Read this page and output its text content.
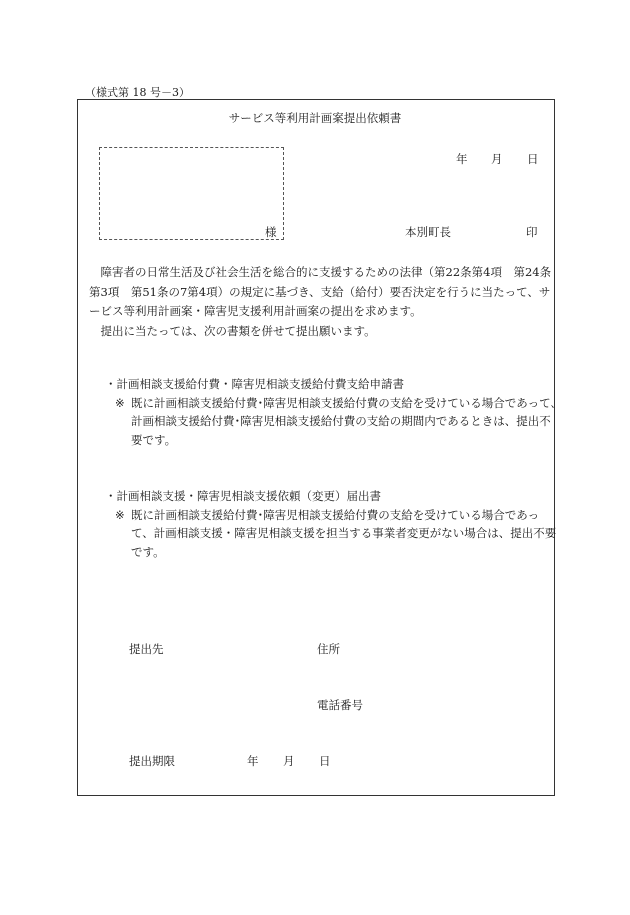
（様式第 18 号－3）
サービス等利用計画案提出依頼書
様
年 月 日
本別町長	印

障害者の日常生活及び社会生活を総合的に支援するための法律（第22条第4項　第24条第3項　第51条の7第4項）の規定に基づき、支給（給付）要否決定を行うに当たって、サービス等利用計画案・障害児支援利用計画案の提出を求めます。

提出に当たっては、次の書類を併せて提出願います。

・計画相談支援給付費・障害児相談支援給付費支給申請書

※ 既に計画相談支援給付費･障害児相談支援給付費の支給を受けている場合であって､計画相談支援給付費･障害児相談支援給付費の支給の期間内であるときは、提出不要です。

・計画相談支援・障害児相談支援依頼（変更）届出書

※ 既に計画相談支援給付費･障害児相談支援給付費の支給を受けている場合であって、計画相談支援・障害児相談支援を担当する事業者変更がない場合は、提出不要です。

提出先	住所
電話番号
提出期限	年 月 日
